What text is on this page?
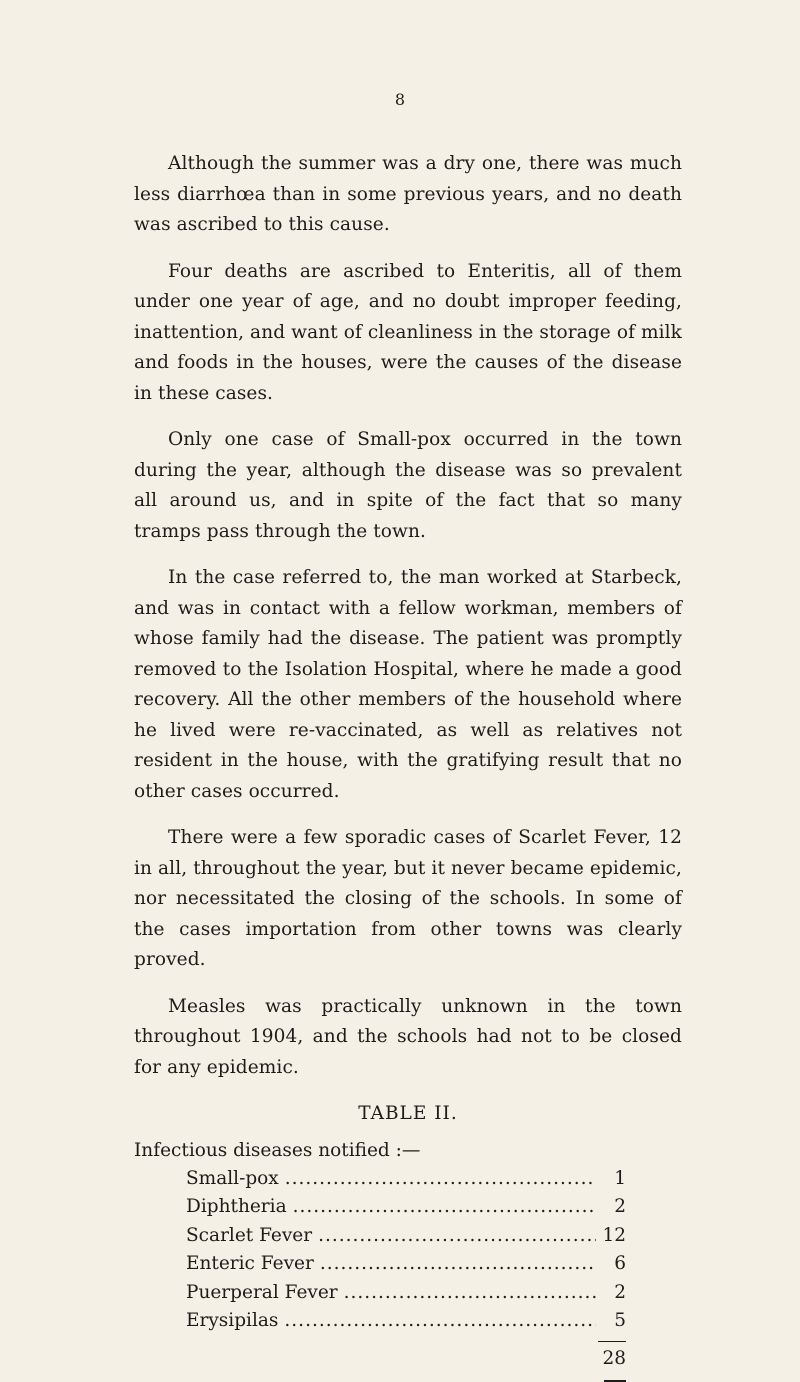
8

Although the summer was a dry one, there was much less diarrhœa than in some previous years, and no death was ascribed to this cause.

Four deaths are ascribed to Enteritis, all of them under one year of age, and no doubt improper feeding, inattention, and want of cleanliness in the storage of milk and foods in the houses, were the causes of the disease in these cases.

Only one case of Small-pox occurred in the town during the year, although the disease was so prevalent all around us, and in spite of the fact that so many tramps pass through the town.

In the case referred to, the man worked at Starbeck, and was in contact with a fellow workman, members of whose family had the disease. The patient was promptly removed to the Isolation Hospital, where he made a good recovery. All the other members of the household where he lived were re-vaccinated, as well as relatives not resident in the house, with the gratifying result that no other cases occurred.

There were a few sporadic cases of Scarlet Fever, 12 in all, throughout the year, but it never became epidemic, nor necessitated the closing of the schools. In some of the cases importation from other towns was clearly proved.

Measles was practically unknown in the town throughout 1904, and the schools had not to be closed for any epidemic.

TABLE II.
Infectious diseases notified :—
Small-pox .....	1
Diphtheria .....	2
Scarlet Fever .....	12
Enteric Fever .....	6
Puerperal Fever .....	2
Erysipilas .....	5
28
